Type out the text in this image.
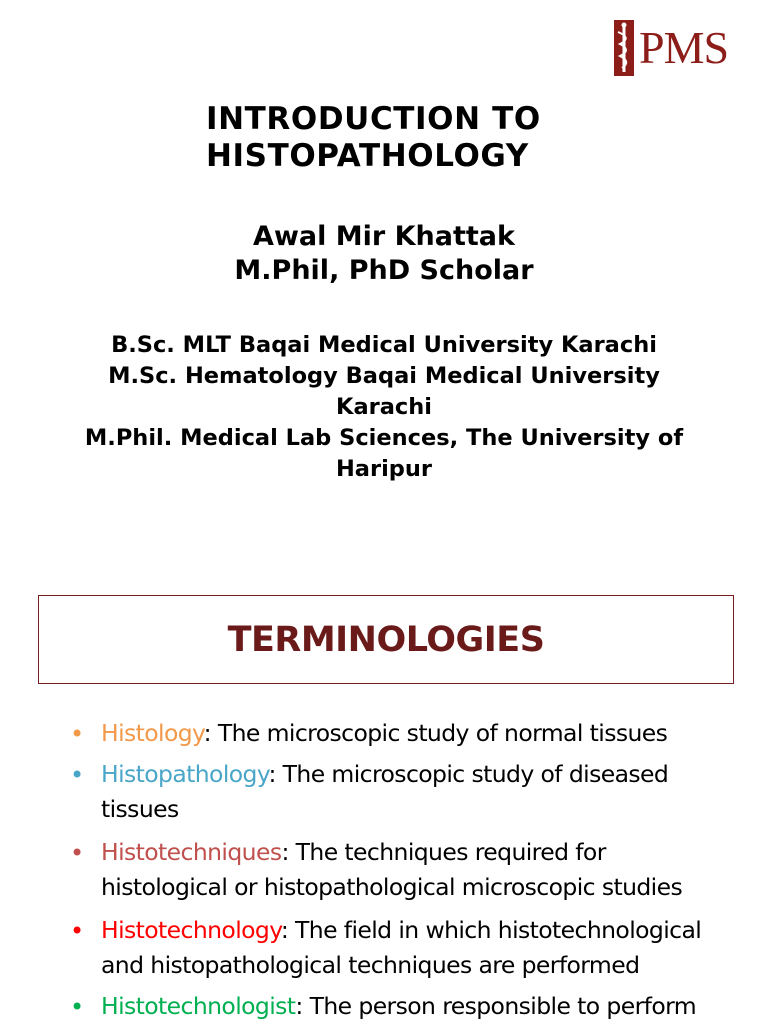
PMS
INTRODUCTION TO
HISTOPATHOLOGY
Awal Mir Khattak
M.Phil, PhD Scholar
B.Sc. MLT Baqai Medical University Karachi
M.Sc. Hematology Baqai Medical University
Karachi
M.Phil. Medical Lab Sciences, The University of
Haripur
TERMINOLOGIES
• Histology: The microscopic study of normal tissues
• Histopathology: The microscopic study of diseased
tissues
• Histotechniques: The techniques required for
histological or histopathological microscopic studies
• Histotechnology: The field in which histotechnological
and histopathological techniques are performed
• Histotechnologist: The person responsible to perform
